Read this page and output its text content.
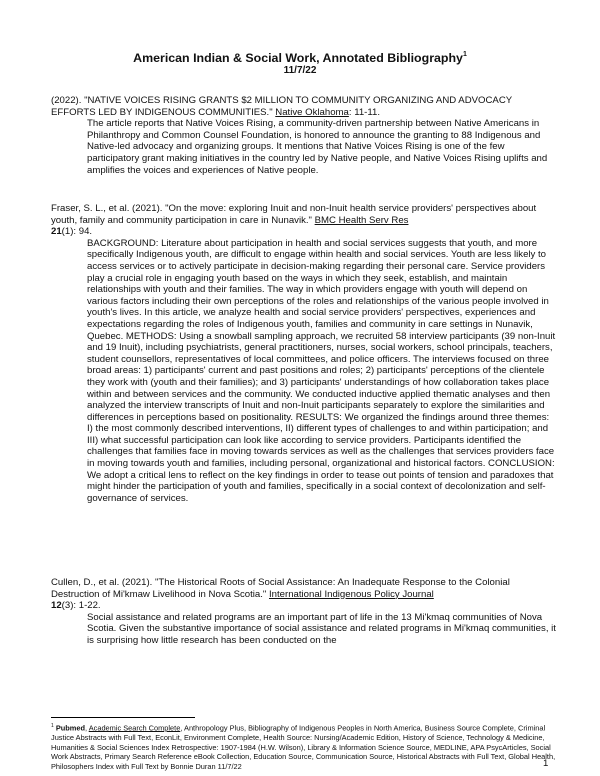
American Indian & Social Work, Annotated Bibliography$^1$
11/7/22

(2022). "NATIVE VOICES RISING GRANTS $2 MILLION TO COMMUNITY ORGANIZING AND ADVOCACY EFFORTS LED BY INDIGENOUS COMMUNITIES." Native Oklahoma: 11-11.

The article reports that Native Voices Rising, a community-driven partnership between Native Americans in Philanthropy and Common Counsel Foundation, is honored to announce the granting to 88 Indigenous and Native-led advocacy and organizing groups. It mentions that Native Voices Rising is one of the few participatory grant making initiatives in the country led by Native people, and Native Voices Rising uplifts and amplifies the voices and experiences of Native people.

Fraser, S. L., et al. (2021). "On the move: exploring Inuit and non-Inuit health service providers' perspectives about youth, family and community participation in care in Nunavik." BMC Health Serv Res
21(1): 94.

BACKGROUND: Literature about participation in health and social services suggests that youth, and more specifically Indigenous youth, are difficult to engage within health and social services. Youth are less likely to access services or to actively participate in decision-making regarding their personal care. Service providers play a crucial role in engaging youth based on the ways in which they seek, establish, and maintain relationships with youth and their families. The way in which providers engage with youth will depend on various factors including their own perceptions of the roles and relationships of the various people involved in youth's lives. In this article, we analyze health and social service providers' perspectives, experiences and expectations regarding the roles of Indigenous youth, families and community in care settings in Nunavik, Quebec. METHODS: Using a snowball sampling approach, we recruited 58 interview participants (39 non-Inuit and 19 Inuit), including psychiatrists, general practitioners, nurses, social workers, school principals, teachers, student counsellors, representatives of local committees, and police officers. The interviews focused on three broad areas: 1) participants' current and past positions and roles; 2) participants' perceptions of the clientele they work with (youth and their families); and 3) participants' understandings of how collaboration takes place within and between services and the community. We conducted inductive applied thematic analyses and then analyzed the interview transcripts of Inuit and non-Inuit participants separately to explore the similarities and differences in perceptions based on positionality. RESULTS: We organized the findings around three themes: I) the most commonly described interventions, II) different types of challenges to and within participation; and III) what successful participation can look like according to service providers. Participants identified the challenges that families face in moving towards services as well as the challenges that services providers face in moving towards youth and families, including personal, organizational and historical factors. CONCLUSION: We adopt a critical lens to reflect on the key findings in order to tease out points of tension and paradoxes that might hinder the participation of youth and families, specifically in a social context of decolonization and self-governance of services.

Cullen, D., et al. (2021). "The Historical Roots of Social Assistance: An Inadequate Response to the Colonial Destruction of Mi'kmaw Livelihood in Nova Scotia." International Indigenous Policy Journal
12(3): 1-22.

Social assistance and related programs are an important part of life in the 13 Mi'kmaq communities of Nova Scotia. Given the substantive importance of social assistance and related programs in Mi'kmaq communities, it is surprising how little research has been conducted on the

$^1$ Pubmed, Academic Search Complete, Anthropology Plus, Bibliography of Indigenous Peoples in North America, Business Source Complete, Criminal Justice Abstracts with Full Text, EconLit, Environment Complete, Health Source: Nursing/Academic Edition, History of Science, Technology & Medicine, Humanities & Social Sciences Index Retrospective: 1907-1984 (H.W. Wilson), Library & Information Science Source, MEDLINE, APA PsycArticles, Social Work Abstracts, Primary Search Reference eBook Collection, Education Source, Communication Source, Historical Abstracts with Full Text, Global Health, Philosophers Index with Full Text by Bonnie Duran 11/7/22	1
